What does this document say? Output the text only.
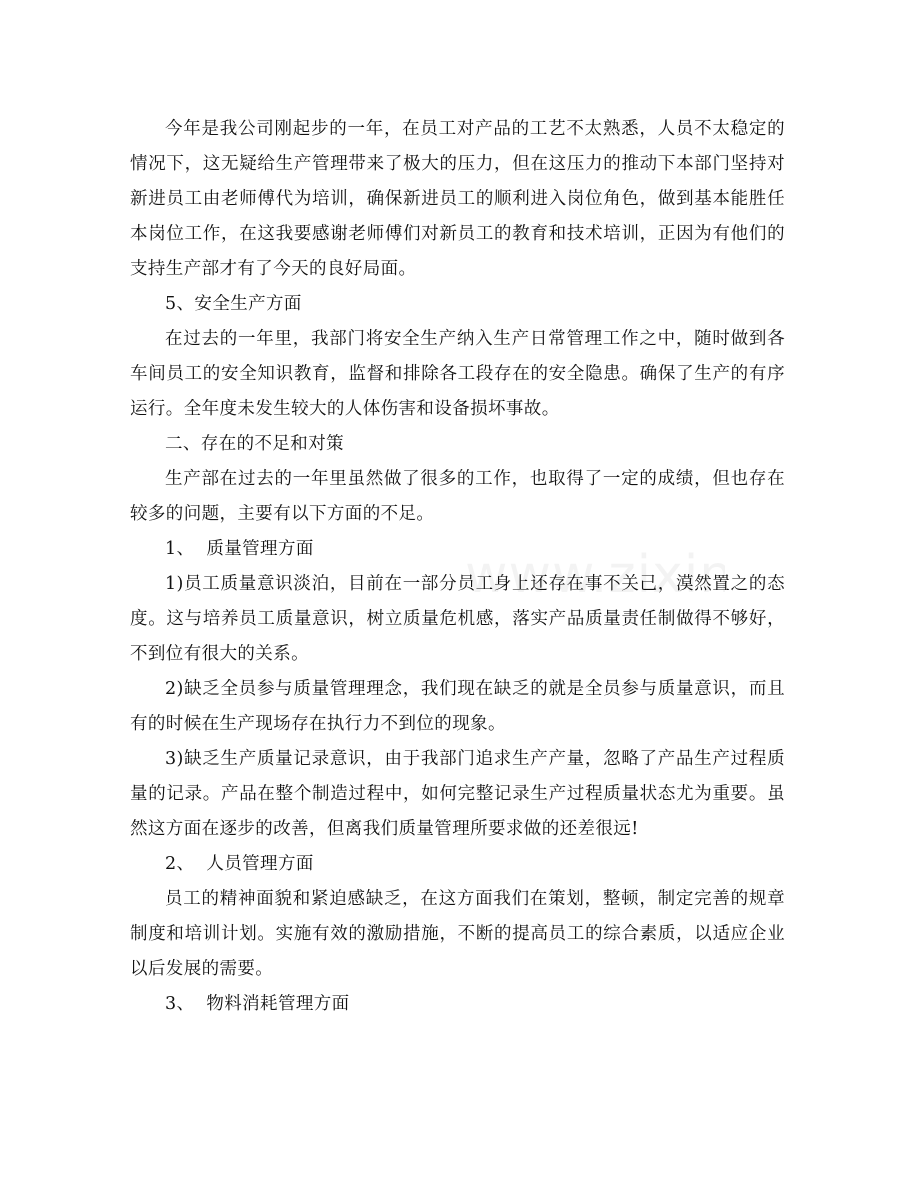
今年是我公司刚起步的一年，在员工对产品的工艺不太熟悉，人员不太稳定的情况下，这无疑给生产管理带来了极大的压力，但在这压力的推动下本部门坚持对新进员工由老师傅代为培训，确保新进员工的顺利进入岗位角色，做到基本能胜任本岗位工作，在这我要感谢老师傅们对新员工的教育和技术培训，正因为有他们的支持生产部才有了今天的良好局面。

5、安全生产方面

在过去的一年里，我部门将安全生产纳入生产日常管理工作之中，随时做到各车间员工的安全知识教育，监督和排除各工段存在的安全隐患。确保了生产的有序运行。全年度未发生较大的人体伤害和设备损坏事故。

二、存在的不足和对策

生产部在过去的一年里虽然做了很多的工作，也取得了一定的成绩，但也存在较多的问题，主要有以下方面的不足。

1、  质量管理方面

1)员工质量意识淡泊，目前在一部分员工身上还存在事不关己，漠然置之的态度。这与培养员工质量意识，树立质量危机感，落实产品质量责任制做得不够好，不到位有很大的关系。

2)缺乏全员参与质量管理理念，我们现在缺乏的就是全员参与质量意识，而且有的时候在生产现场存在执行力不到位的现象。

3)缺乏生产质量记录意识，由于我部门追求生产产量，忽略了产品生产过程质量的记录。产品在整个制造过程中，如何完整记录生产过程质量状态尤为重要。虽然这方面在逐步的改善，但离我们质量管理所要求做的还差很远!

2、  人员管理方面

员工的精神面貌和紧迫感缺乏，在这方面我们在策划，整顿，制定完善的规章制度和培训计划。实施有效的激励措施，不断的提高员工的综合素质，以适应企业以后发展的需要。

3、  物料消耗管理方面
